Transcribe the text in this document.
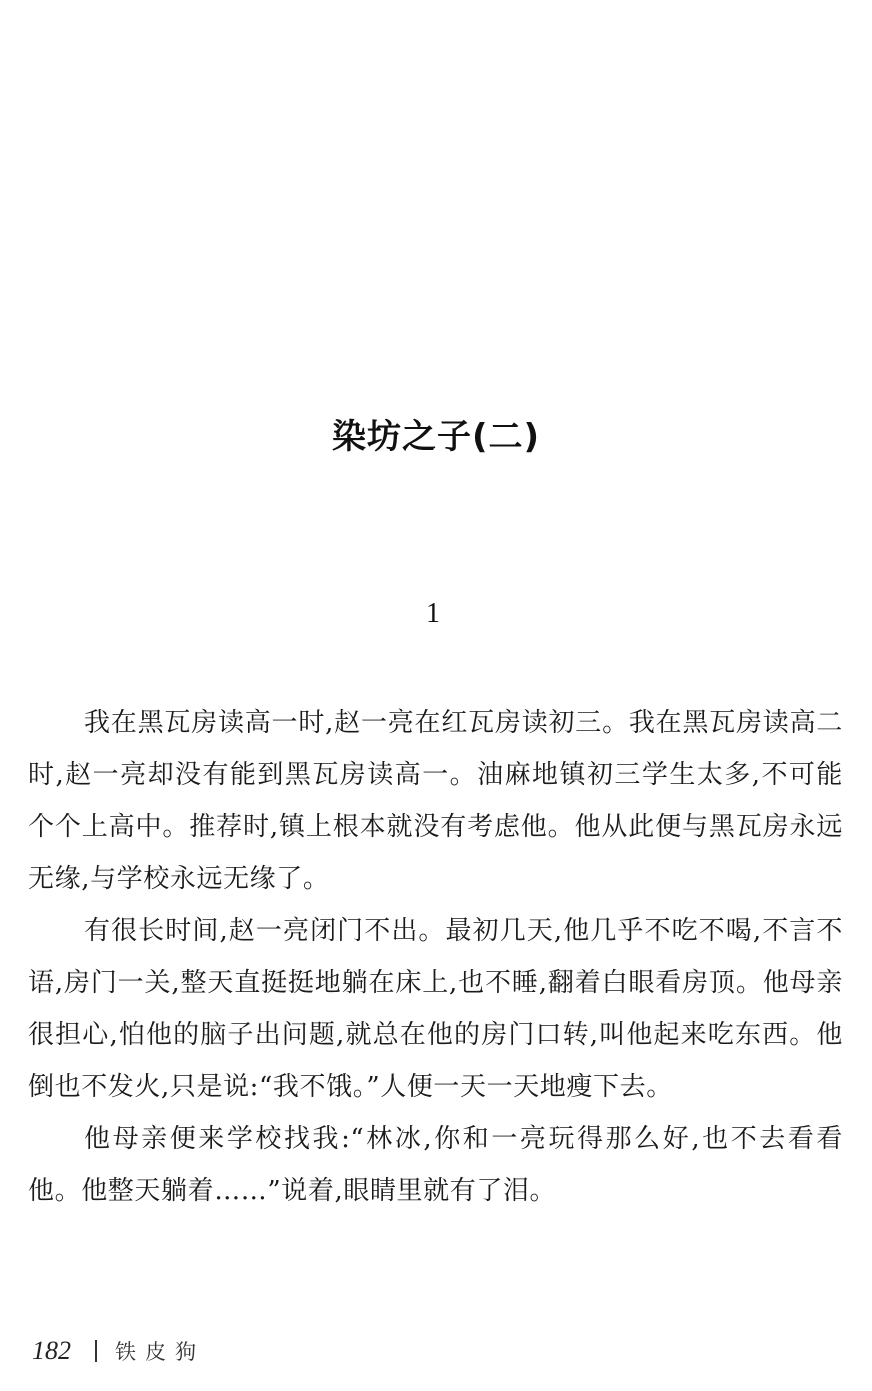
染坊之子(二)
1

我在黑瓦房读高一时,赵一亮在红瓦房读初三。我在黑瓦房读高二时,赵一亮却没有能到黑瓦房读高一。油麻地镇初三学生太多,不可能个个上高中。推荐时,镇上根本就没有考虑他。他从此便与黑瓦房永远无缘,与学校永远无缘了。

有很长时间,赵一亮闭门不出。最初几天,他几乎不吃不喝,不言不语,房门一关,整天直挺挺地躺在床上,也不睡,翻着白眼看房顶。他母亲很担心,怕他的脑子出问题,就总在他的房门口转,叫他起来吃东西。他倒也不发火,只是说:“我不饿。”人便一天一天地瘦下去。

他母亲便来学校找我:“林冰,你和一亮玩得那么好,也不去看看他。他整天躺着……”说着,眼睛里就有了泪。

182 铁皮狗
